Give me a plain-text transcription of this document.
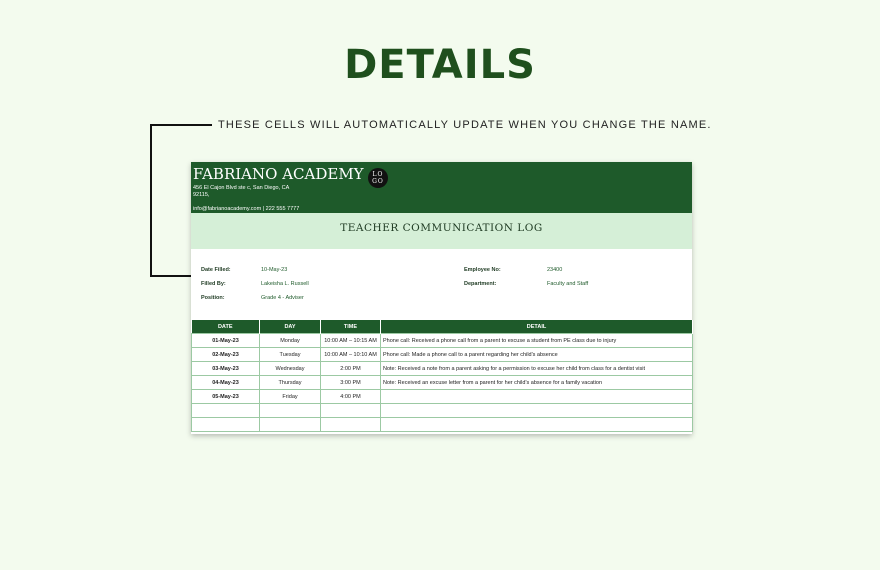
DETAILS
THESE CELLS WILL AUTOMATICALLY UPDATE WHEN YOU CHANGE THE NAME.
FABRIANO ACADEMY	LO
GO
456 El Cajon Blvd ste c, San Diego, CA
92115,
info@fabrianoacademy.com | 222 555 7777
TEACHER COMMUNICATION LOG
Date Filled:	10-May-23
Filled By:	Lakeisha L. Russell
Position:	Grade 4 - Adviser
Employee No:	23400
Department:	Faculty and Staff
DATE	DAY	TIME	DETAIL
01-May-23	Monday	10:00 AM – 10:15 AM	Phone call: Received a phone call from a parent to excuse a student from PE class due to injury
02-May-23	Tuesday	10:00 AM – 10:10 AM	Phone call: Made a phone call to a parent regarding her child's absence
03-May-23	Wednesday	2:00 PM	Note: Received a note from a parent asking for a permission to excuse her child from class for a dentist visit
04-May-23	Thursday	3:00 PM	Note: Received an excuse letter from a parent for her child's absence for a family vacation
05-May-23	Friday	4:00 PM	
